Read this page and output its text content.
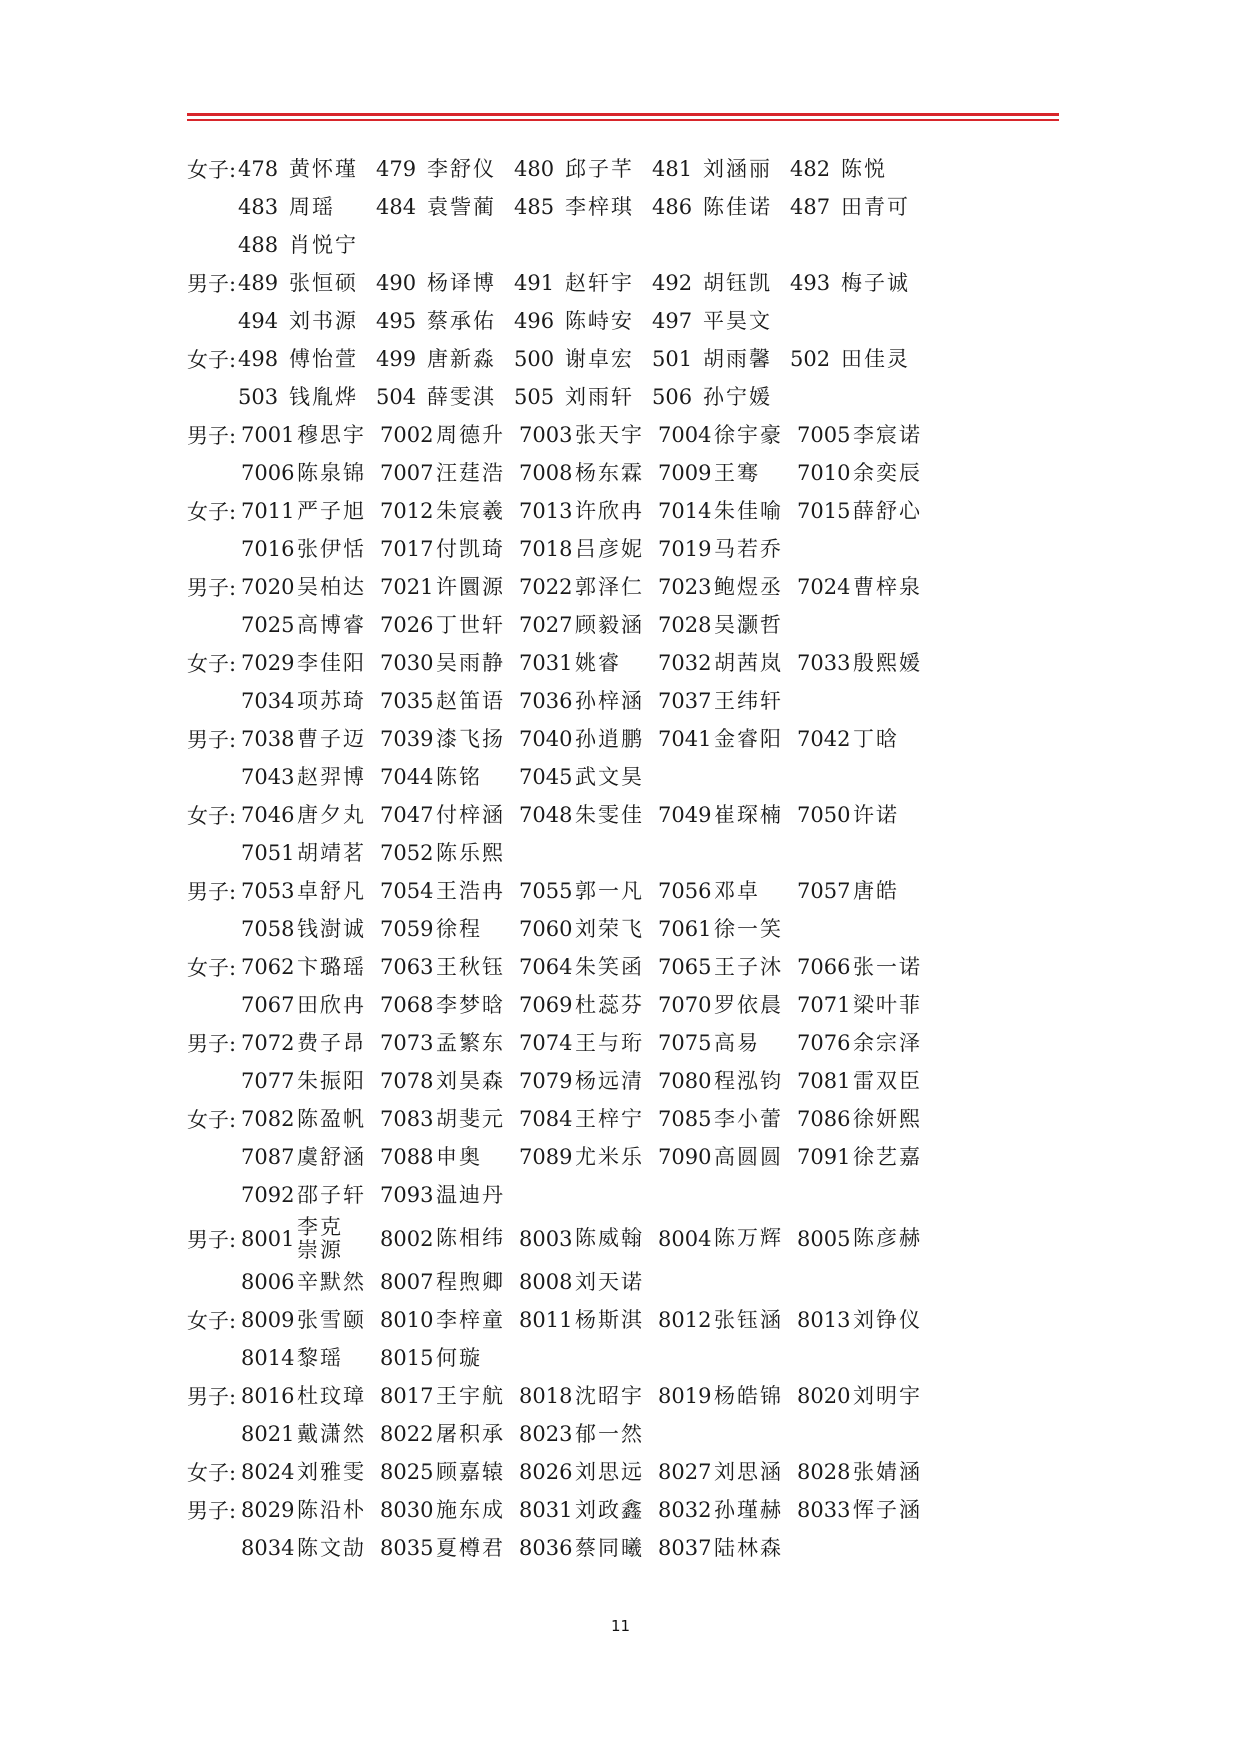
女子: 478 黄怀瑾 479 李舒仪 480 邱子芊 481 刘涵丽 482 陈悦
483 周瑶	484 袁訾蔺 485 李梓琪 486 陈佳诺 487 田青可
488 肖悦宁
男子: 489 张恒硕 490 杨译博 491 赵轩宇 492 胡钰凯 493 梅子诚
494 刘书源 495 蔡承佑 496 陈峙安 497 平昊文
女子: 498 傅怡萱 499 唐新淼 500 谢卓宏 501 胡雨馨 502 田佳灵
503 钱胤烨 504 薛雯淇 505 刘雨轩 506 孙宁媛
男子: 7001 穆思宇 7002 周德升 7003 张天宇 7004 徐宇豪 7005 李宸诺
7006 陈泉锦 7007 汪莛浩 7008 杨东霖 7009 王骞	7010 余奕辰
女子: 7011 严子旭 7012 朱宸羲 7013 许欣冉 7014 朱佳喻 7015 薛舒心
7016 张伊恬 7017 付凯琦 7018 吕彦妮 7019 马若乔
男子: 7020 吴柏达 7021 许圜源 7022 郭泽仁 7023 鲍煜丞 7024 曹梓泉
7025 高博睿 7026 丁世轩 7027 顾毅涵 7028 吴灏哲
女子: 7029 李佳阳 7030 吴雨静 7031 姚睿	7032 胡茜岚 7033 殷熙媛
7034 项苏琦 7035 赵笛语 7036 孙梓涵 7037 王纬轩
男子: 7038 曹子迈 7039 漆飞扬 7040 孙逍鹏 7041 金睿阳 7042 丁晗
7043 赵羿博 7044 陈铭	7045 武文昊
女子: 7046 唐夕丸 7047 付梓涵 7048 朱雯佳 7049 崔琛楠 7050 许诺
7051 胡靖茗 7052 陈乐熙
男子: 7053 卓舒凡 7054 王浩冉 7055 郭一凡 7056 邓卓	7057 唐皓
7058 钱澍诚 7059 徐程	7060 刘荣飞 7061 徐一笑
女子: 7062 卞璐瑶 7063 王秋钰 7064 朱笑函 7065 王子沐 7066 张一诺
7067 田欣冉 7068 李梦晗 7069 杜蕊芬 7070 罗依晨 7071 梁叶菲
男子: 7072 费子昂 7073 孟繁东 7074 王与珩 7075 高易	7076 余宗泽
7077 朱振阳 7078 刘昊森 7079 杨远清 7080 程泓钧 7081 雷双臣
女子: 7082 陈盈帆 7083 胡斐元 7084 王梓宁 7085 李小蕾 7086 徐妍熙
7087 虞舒涵 7088 申奥	7089 尤米乐 7090 高圆圆 7091 徐艺嘉
7092 邵子轩 7093 温迪丹
男子: 8001 李克崇源	8002 陈相纬 8003 陈威翰 8004 陈万辉 8005 陈彦赫
8006 辛默然 8007 程煦卿 8008 刘天诺
女子: 8009 张雪颐 8010 李梓童 8011 杨斯淇 8012 张钰涵 8013 刘铮仪
8014 黎瑶	8015 何璇
男子: 8016 杜玟璋 8017 王宇航 8018 沈昭宇 8019 杨皓锦 8020 刘明宇
8021 戴潇然 8022 屠积承 8023 郁一然
女子: 8024 刘雅雯 8025 顾嘉辕 8026 刘思远 8027 刘思涵 8028 张婧涵
男子: 8029 陈沿朴 8030 施东成 8031 刘政鑫 8032 孙瑾赫 8033 恽子涵
8034 陈文劼 8035 夏樽君 8036 蔡同曦 8037 陆林森
11
